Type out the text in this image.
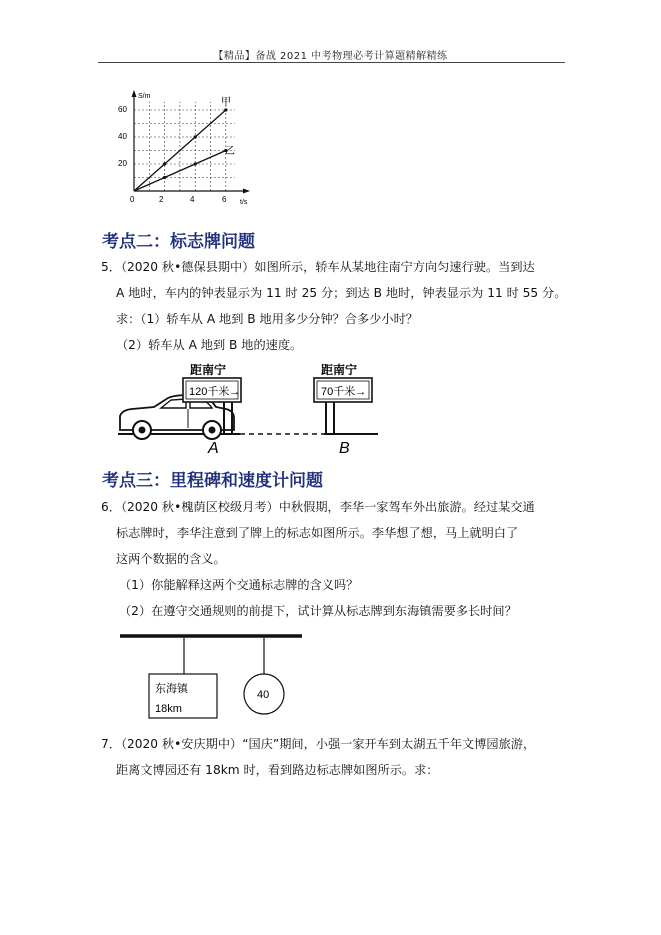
【精品】备战 2021 中考物理必考计算题精解精练
S/m
t/s
20
40
60
0	2	4	6
甲
乙
考点二：标志牌问题
5．（2020 秋•德保县期中）如图所示，轿车从某地往南宁方向匀速行驶。当到达
A 地时，车内的钟表显示为 11 时 25 分；到达 B 地时，钟表显示为 11 时 55 分。
求：（1）轿车从 A 地到 B 地用多少分钟？合多少小时？
（2）轿车从 A 地到 B 地的速度。
120千米→
距南宁
A
70千米→
距南宁
B
考点三：里程碑和速度计问题
6．（2020 秋•槐荫区校级月考）中秋假期，李华一家驾车外出旅游。经过某交通
标志牌时，李华注意到了牌上的标志如图所示。李华想了想，马上就明白了
这两个数据的含义。
（1）你能解释这两个交通标志牌的含义吗？
（2）在遵守交通规则的前提下，试计算从标志牌到东海镇需要多长时间？
东海镇
18km
40
7．（2020 秋•安庆期中）“国庆”期间，小强一家开车到太湖五千年文博园旅游，
距离文博园还有 18km 时，看到路边标志牌如图所示。求：
